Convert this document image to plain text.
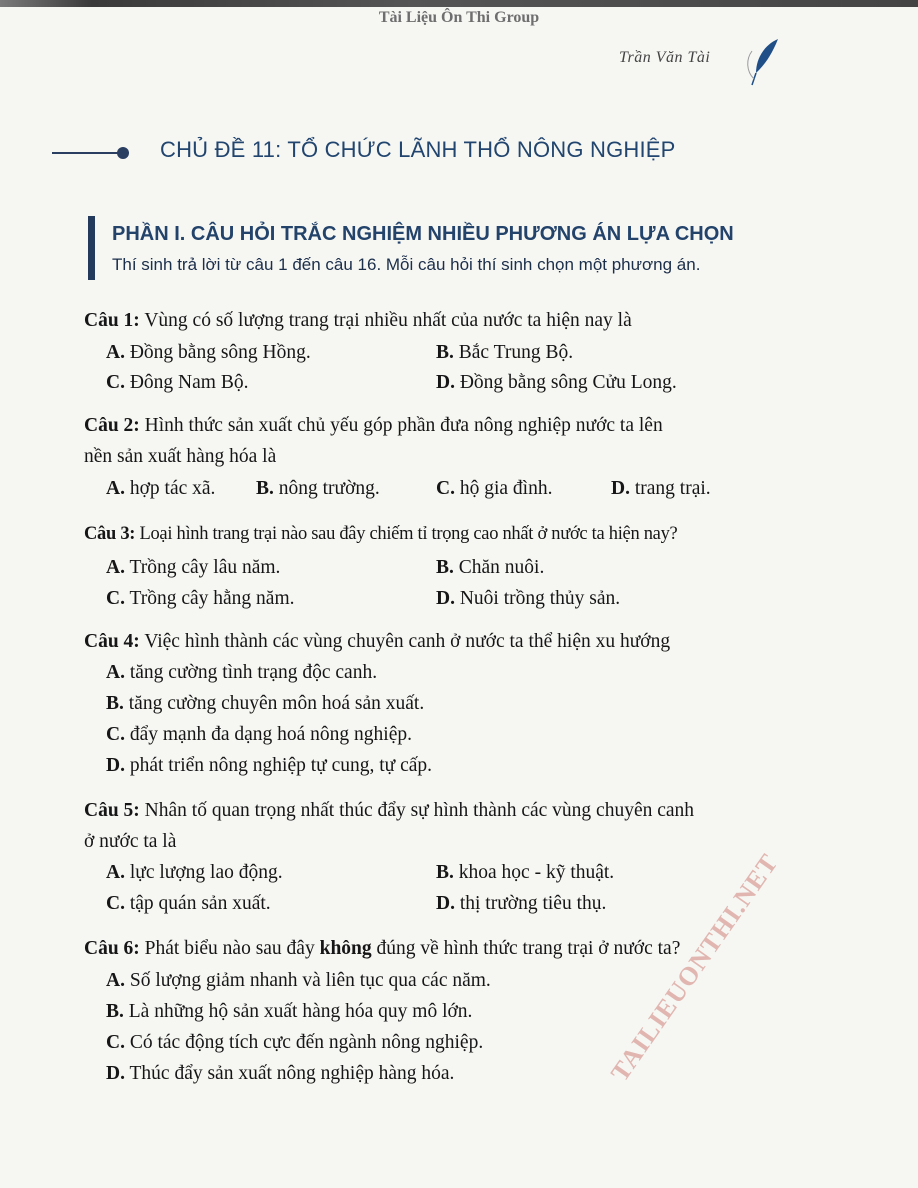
Tài Liệu Ôn Thi Group
Trần Văn Tài
CHỦ ĐỀ 11: TỔ CHỨC LÃNH THỔ NÔNG NGHIỆP
PHẦN I. CÂU HỎI TRẮC NGHIỆM NHIỀU PHƯƠNG ÁN LỰA CHỌN
Thí sinh trả lời từ câu 1 đến câu 16. Mỗi câu hỏi thí sinh chọn một phương án.
Câu 1: Vùng có số lượng trang trại nhiều nhất của nước ta hiện nay là
A. Đồng bằng sông Hồng.	B. Bắc Trung Bộ.
C. Đông Nam Bộ.	D. Đồng bằng sông Cửu Long.
Câu 2: Hình thức sản xuất chủ yếu góp phần đưa nông nghiệp nước ta lên
nền sản xuất hàng hóa là
A. hợp tác xã. B. nông trường.	C. hộ gia đình.	D. trang trại.
Câu 3: Loại hình trang trại nào sau đây chiếm tỉ trọng cao nhất ở nước ta hiện nay?
A. Trồng cây lâu năm.	B. Chăn nuôi.
C. Trồng cây hằng năm.	D. Nuôi trồng thủy sản.
Câu 4: Việc hình thành các vùng chuyên canh ở nước ta thể hiện xu hướng
A. tăng cường tình trạng độc canh.
B. tăng cường chuyên môn hoá sản xuất.
C. đẩy mạnh đa dạng hoá nông nghiệp.
D. phát triển nông nghiệp tự cung, tự cấp.
Câu 5: Nhân tố quan trọng nhất thúc đẩy sự hình thành các vùng chuyên canh
ở nước ta là
A. lực lượng lao động.	B. khoa học - kỹ thuật.
C. tập quán sản xuất.	D. thị trường tiêu thụ.
Câu 6: Phát biểu nào sau đây không đúng về hình thức trang trại ở nước ta?
A. Số lượng giảm nhanh và liên tục qua các năm.
B. Là những hộ sản xuất hàng hóa quy mô lớn.
C. Có tác động tích cực đến ngành nông nghiệp.
D. Thúc đẩy sản xuất nông nghiệp hàng hóa.	TAILIEUONTHI.NET
